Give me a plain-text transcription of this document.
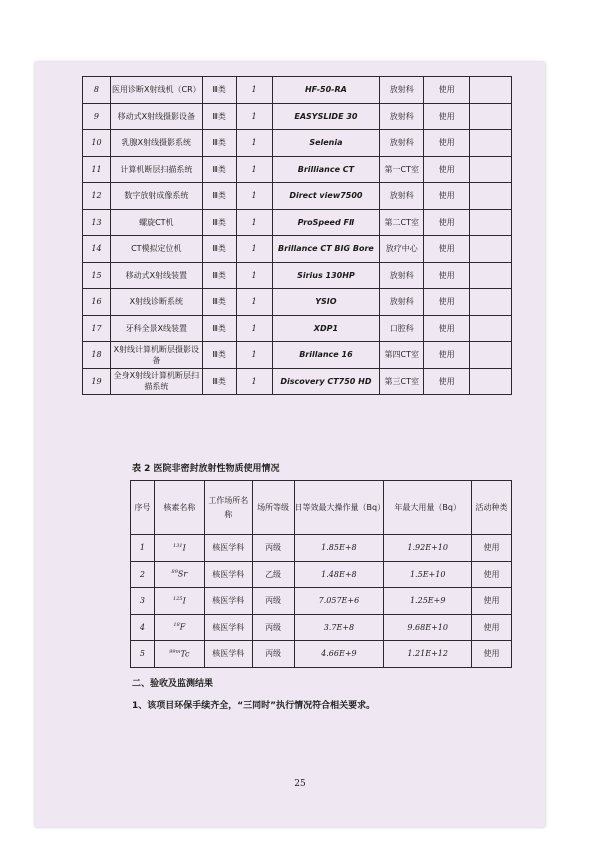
8	医用诊断X射线机（CR）	Ⅲ类	1	HF-50-RA	放射科	使用	
9	移动式X射线摄影设备	Ⅲ类	1	EASYSLIDE 30	放射科	使用	
10	乳腺X射线摄影系统	Ⅲ类	1	Selenia	放射科	使用	
11	计算机断层扫描系统	Ⅲ类	1	Brilliance CT	第一CT室	使用	
12	数字放射成像系统	Ⅲ类	1	Direct view7500	放射科	使用	
13	螺旋CT机	Ⅲ类	1	ProSpeed FⅡ	第二CT室	使用	
14	CT模拟定位机	Ⅲ类	1	Brillance CT BIG Bore	放疗中心	使用	
15	移动式X射线装置	Ⅲ类	1	Sirius 130HP	放射科	使用	
16	X射线诊断系统	Ⅲ类	1	YSIO	放射科	使用	
17	牙科全景X线装置	Ⅲ类	1	XDP1	口腔科	使用	
18	X射线计算机断层摄影设备	Ⅲ类	1	Brillance 16	第四CT室	使用	
19	全身X射线计算机断层扫描系统	Ⅲ类	1	Discovery CT750 HD	第三CT室	使用	
表 2 医院非密封放射性物质使用情况
序号	核素名称	工作场所名称	场所等级	日等效最大操作量（Bq）	年最大用量（Bq）	活动种类
1	$^{131}$I	核医学科	丙级	1.85E+8	1.92E+10	使用
2	$^{89}$Sr	核医学科	乙级	1.48E+8	1.5E+10	使用
3	$^{125}$I	核医学科	丙级	7.057E+6	1.25E+9	使用
4	$^{18}$F	核医学科	丙级	3.7E+8	9.68E+10	使用
5	$^{99m}$Tc	核医学科	丙级	4.66E+9	1.21E+12	使用
二、验收及监测结果
1、该项目环保手续齐全，“三同时”执行情况符合相关要求。
25
